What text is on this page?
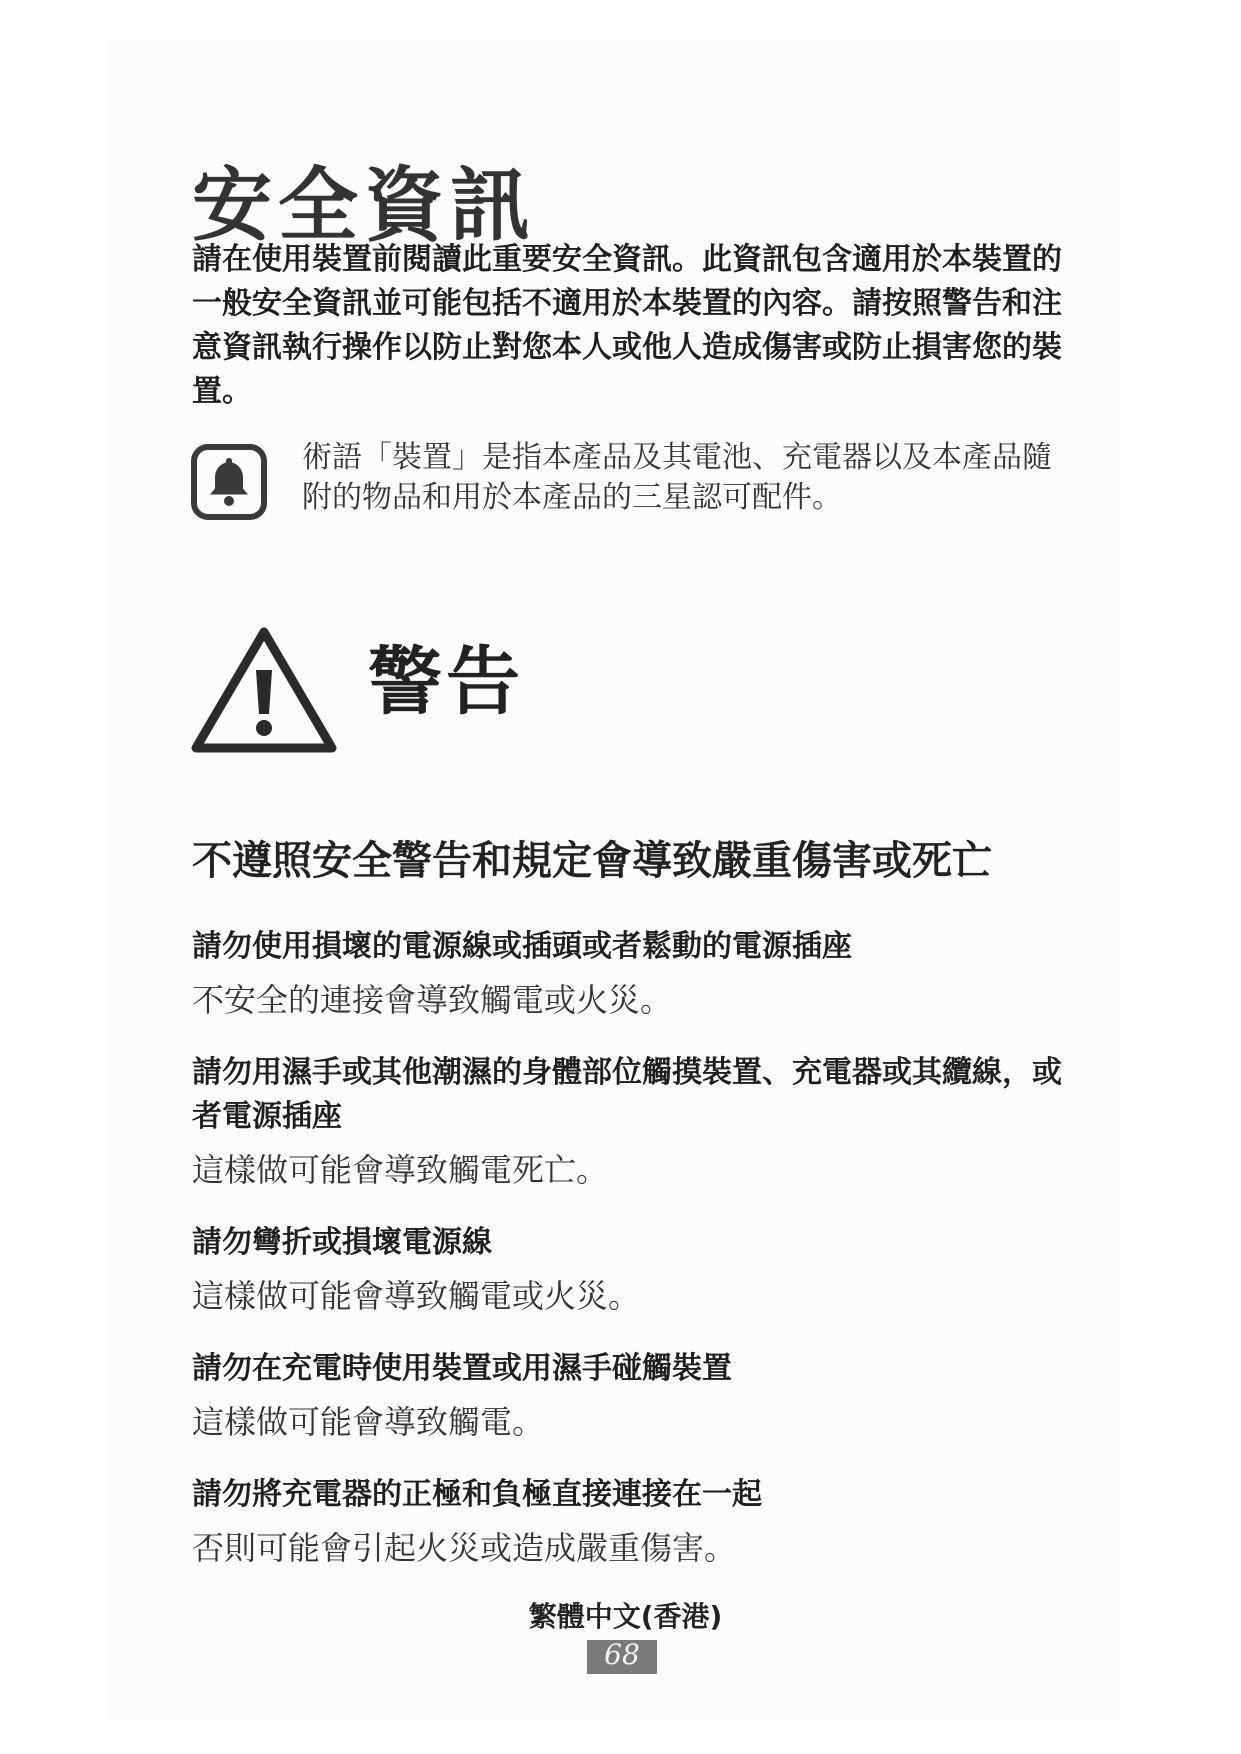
安全資訊
請在使用裝置前閱讀此重要安全資訊。此資訊包含適用於本裝置的一般安全資訊並可能包括不適用於本裝置的內容。請按照警告和注意資訊執行操作以防止對您本人或他人造成傷害或防止損害您的裝置。
術語「裝置」是指本產品及其電池、充電器以及本產品隨附的物品和用於本產品的三星認可配件。
警告
不遵照安全警告和規定會導致嚴重傷害或死亡
請勿使用損壞的電源線或插頭或者鬆動的電源插座
不安全的連接會導致觸電或火災。
請勿用濕手或其他潮濕的身體部位觸摸裝置、充電器或其纜線，或者電源插座
這樣做可能會導致觸電死亡。
請勿彎折或損壞電源線
這樣做可能會導致觸電或火災。
請勿在充電時使用裝置或用濕手碰觸裝置
這樣做可能會導致觸電。
請勿將充電器的正極和負極直接連接在一起
否則可能會引起火災或造成嚴重傷害。
繁體中文(香港)
68
